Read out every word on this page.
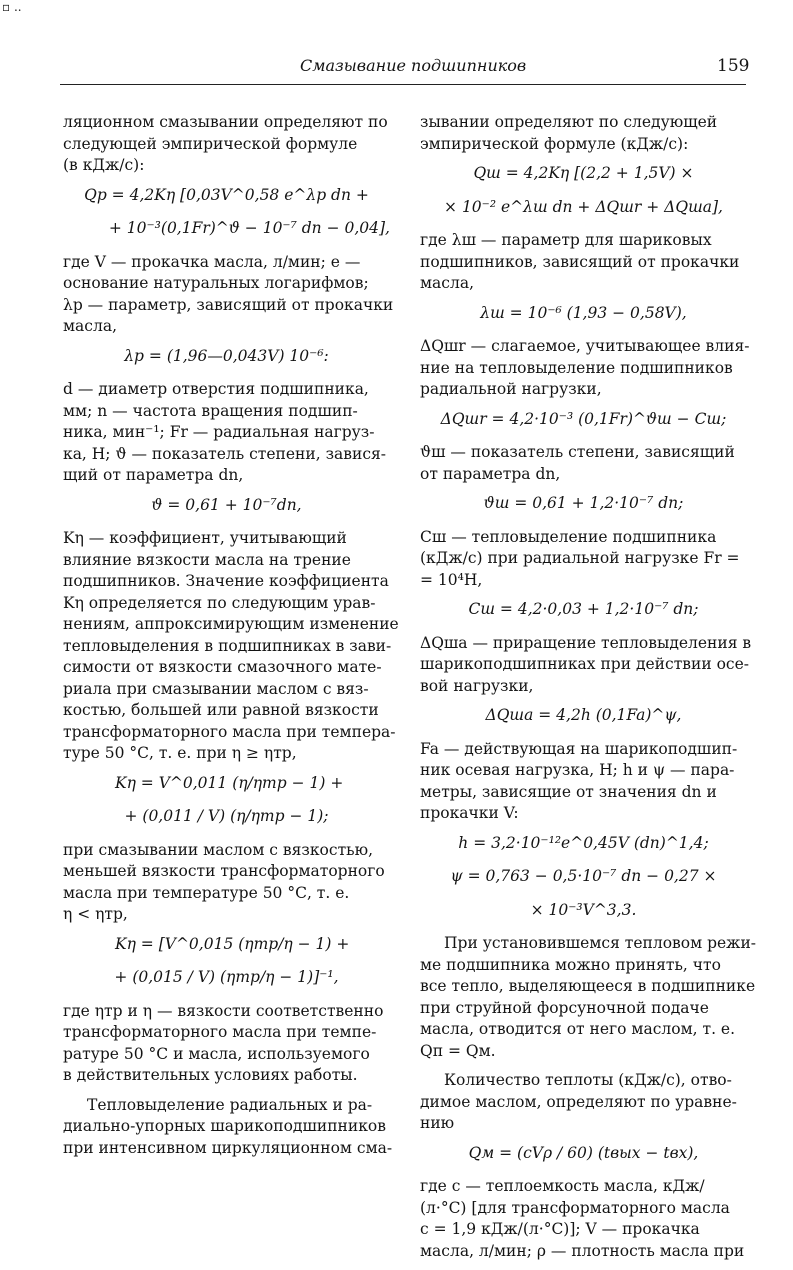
▫ ..
Смазывание подшипников	159

ляционном смазывании определяют по
следующей эмпирической формуле
(в кДж/с):

Qр = 4,2Kη [0,03V^0,58 e^λp dn +
+ 10⁻³(0,1Fr)^ϑ − 10⁻⁷ dn − 0,04],

где V — прокачка масла, л/мин; e —
основание натуральных логарифмов;
λp — параметр, зависящий от прокачки
масла,

λp = (1,96—0,043V) 10⁻⁶:

d — диаметр отверстия подшипника,
мм; n — частота вращения подшип-
ника, мин⁻¹; Fr — радиальная нагруз-
ка, Н; ϑ — показатель степени, завися-
щий от параметра dn,

ϑ = 0,61 + 10⁻⁷dn,

Kη — коэффициент, учитывающий
влияние вязкости масла на трение
подшипников. Значение коэффициента
Kη определяется по следующим урав-
нениям, аппроксимирующим изменение
тепловыделения в подшипниках в зави-
симости от вязкости смазочного мате-
риала при смазывании маслом с вяз-
костью, большей или равной вязкости
трансформаторного масла при темпера-
туре 50 °С, т. е. при η ≥ ηтр,

Kη = V^0,011 (η/ηтр − 1) +
+ (0,011 / V) (η/ηтр − 1);

при смазывании маслом с вязкостью,
меньшей вязкости трансформаторного
масла при температуре 50 °С, т. е.
η < ηтр,

Kη = [V^0,015 (ηтр/η − 1) +
+ (0,015 / V) (ηтр/η − 1)]⁻¹,

где ηтр и η — вязкости соответственно
трансформаторного масла при темпе-
ратуре 50 °С и масла, используемого
в действительных условиях работы.

Тепловыделение радиальных и ра-
диально-упорных шарикоподшипников
при интенсивном циркуляционном сма-

зывании определяют по следующей
эмпирической формуле (кДж/с):

Qш = 4,2Kη [(2,2 + 1,5V) ×
× 10⁻² e^λш dn + ΔQшr + ΔQшa],

где λш — параметр для шариковых
подшипников, зависящий от прокачки
масла,

λш = 10⁻⁶ (1,93 − 0,58V),

ΔQшr — слагаемое, учитывающее влия-
ние на тепловыделение подшипников
радиальной нагрузки,

ΔQшr = 4,2·10⁻³ (0,1Fr)^ϑш − Cш;

ϑш — показатель степени, зависящий
от параметра dn,

ϑш = 0,61 + 1,2·10⁻⁷ dn;

Сш — тепловыделение подшипника
(кДж/с) при радиальной нагрузке Fr =
= 10⁴Н,

Сш = 4,2·0,03 + 1,2·10⁻⁷ dn;

ΔQшa — приращение тепловыделения в
шарикоподшипниках при действии осе-
вой нагрузки,

ΔQшa = 4,2h (0,1Fa)^ψ,

Fa — действующая на шарикоподшип-
ник осевая нагрузка, Н; h и ψ — пара-
метры, зависящие от значения dn и
прокачки V:

h = 3,2·10⁻¹²e^0,45V (dn)^1,4;
ψ = 0,763 − 0,5·10⁻⁷ dn − 0,27 ×
× 10⁻³V^3,3.

При установившемся тепловом режи-
ме подшипника можно принять, что
все тепло, выделяющееся в подшипнике
при струйной форсуночной подаче
масла, отводится от него маслом, т. е.
Qп = Qм.

Количество теплоты (кДж/с), отво-
димое маслом, определяют по уравне-
нию

Qм = (cVρ / 60) (tвых − tвх),

где c — теплоемкость масла, кДж/
(л·°С) [для трансформаторного масла
c = 1,9 кДж/(л·°С)]; V — прокачка
масла, л/мин; ρ — плотность масла при
